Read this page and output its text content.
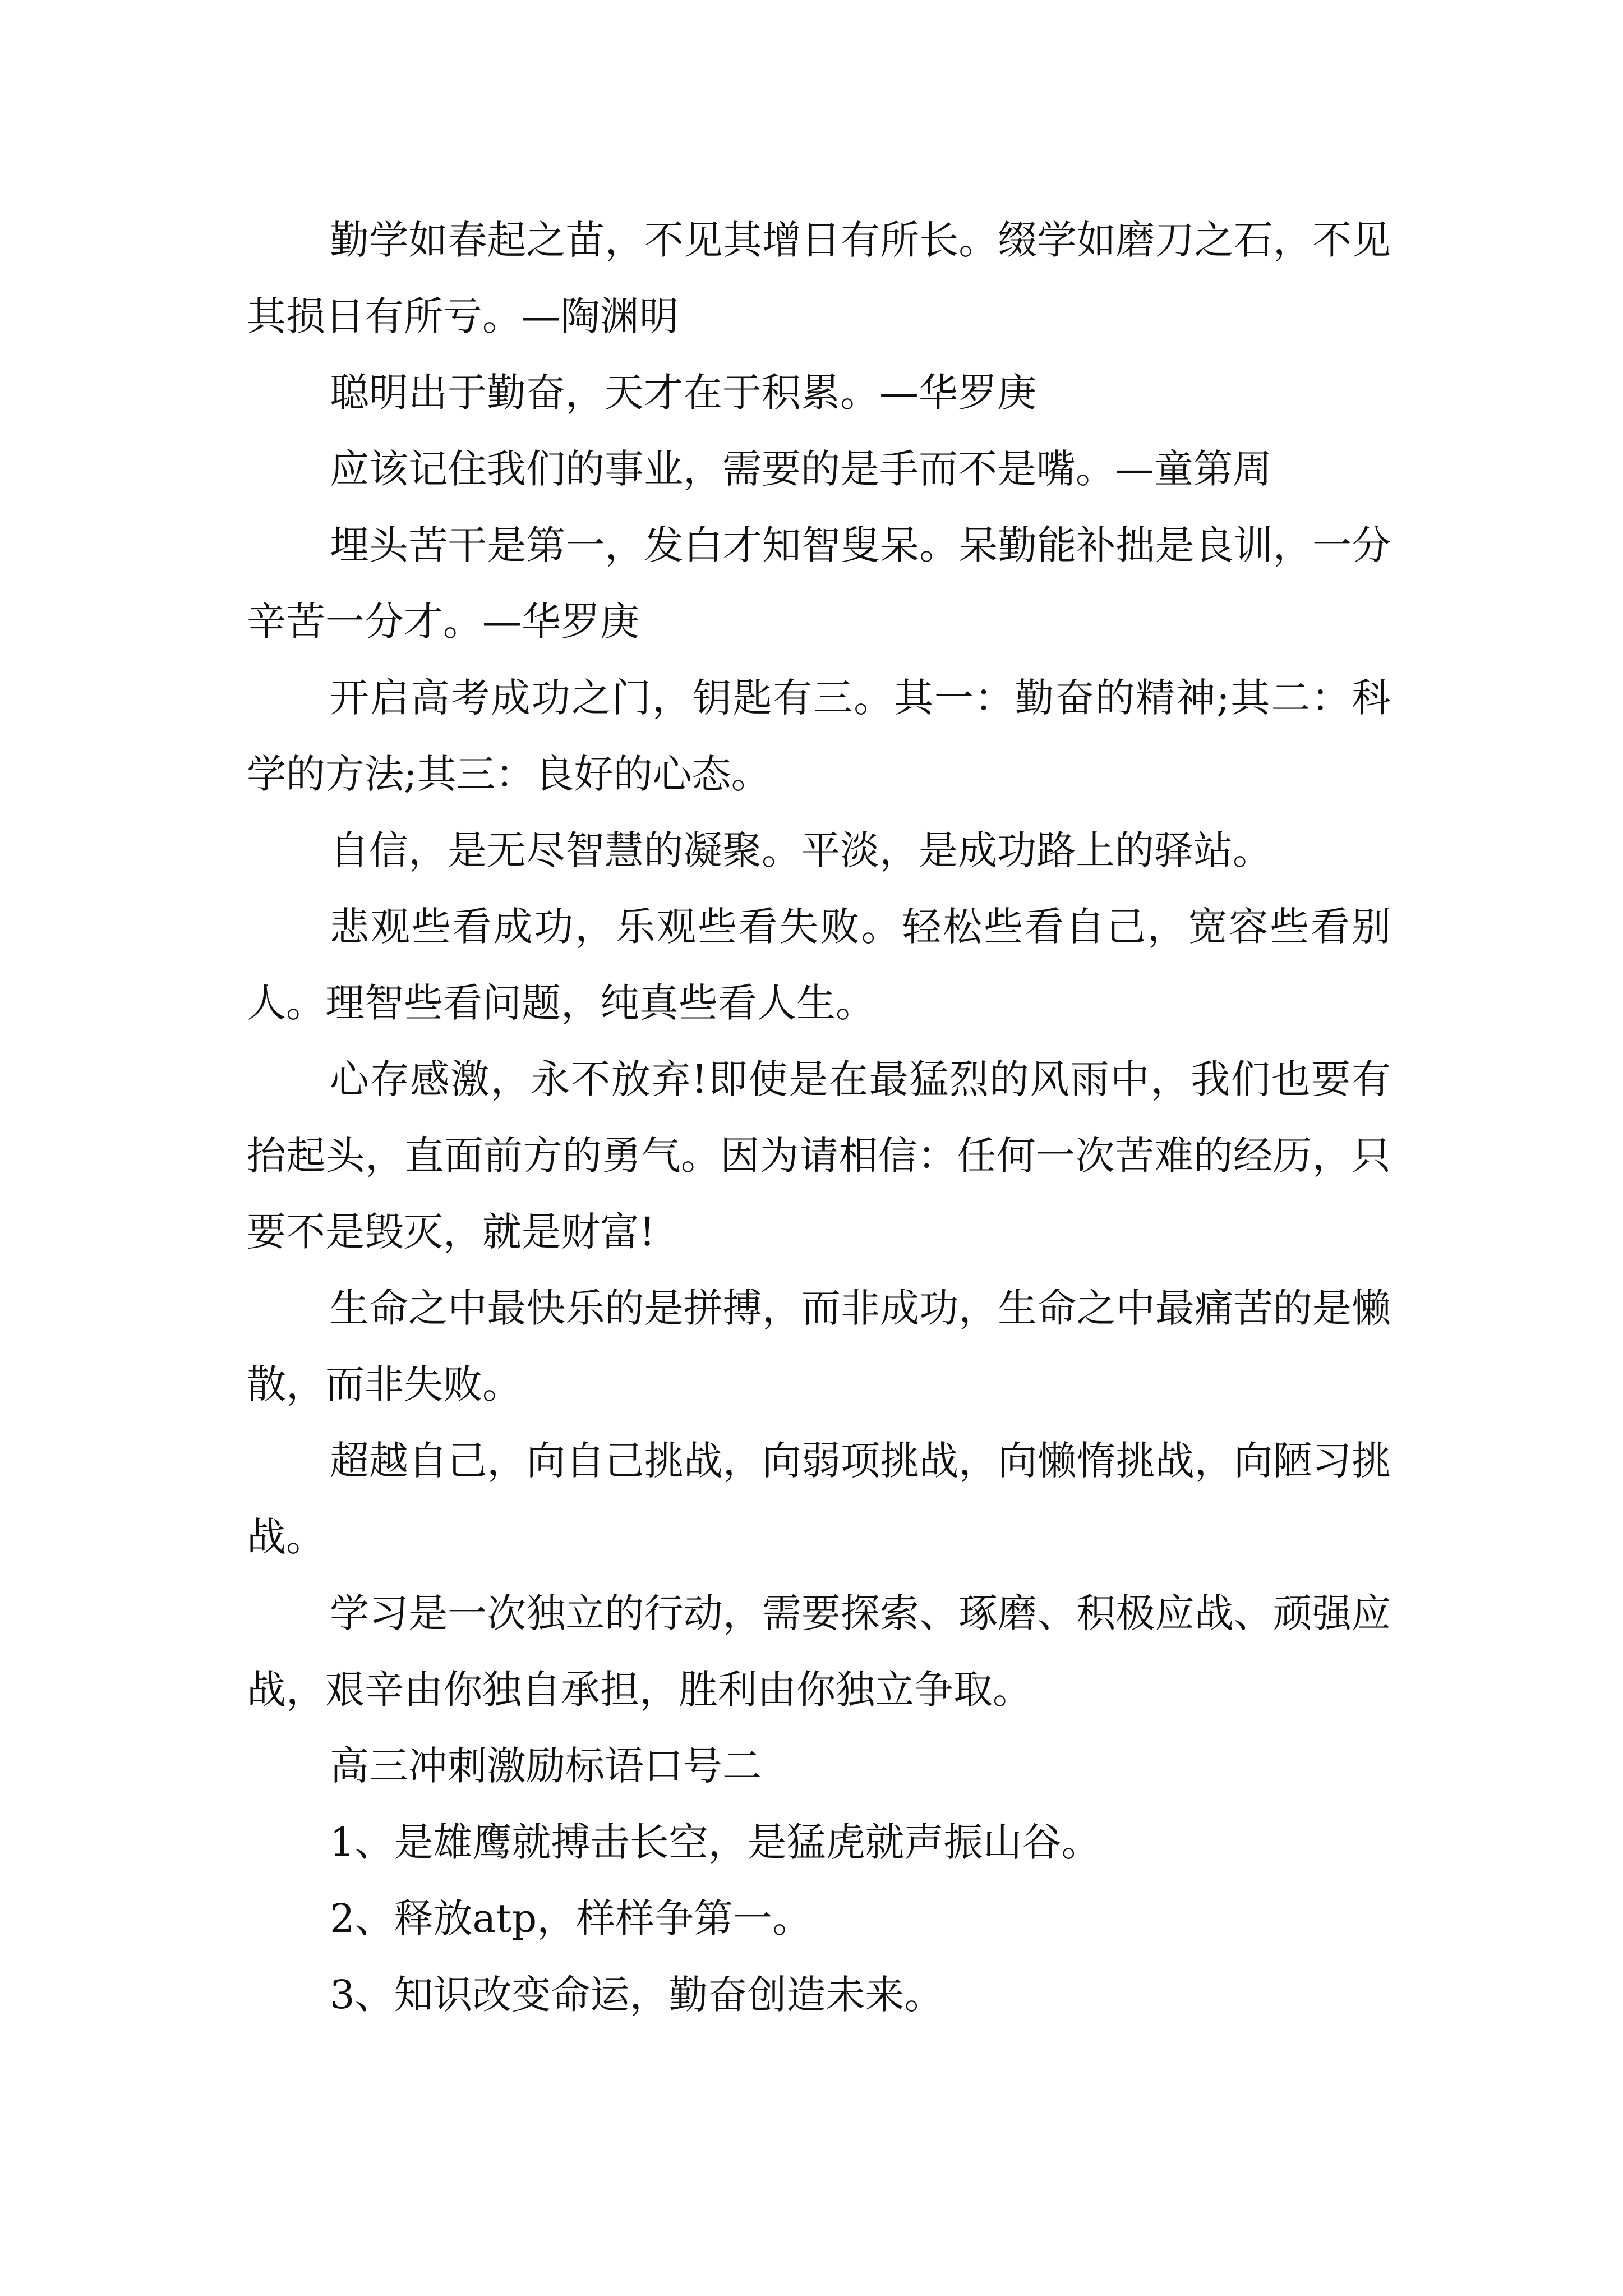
勤学如春起之苗，不见其增日有所长。缀学如磨刀之石，不见其损日有所亏。—陶渊明

聪明出于勤奋，天才在于积累。—华罗庚

应该记住我们的事业，需要的是手而不是嘴。—童第周

埋头苦干是第一，发白才知智叟呆。呆勤能补拙是良训，一分辛苦一分才。—华罗庚

开启高考成功之门，钥匙有三。其一：勤奋的精神;其二：科学的方法;其三：良好的心态。

自信，是无尽智慧的凝聚。平淡，是成功路上的驿站。

悲观些看成功，乐观些看失败。轻松些看自己，宽容些看别人。理智些看问题，纯真些看人生。

心存感激，永不放弃!即使是在最猛烈的风雨中，我们也要有抬起头，直面前方的勇气。因为请相信：任何一次苦难的经历，只要不是毁灭，就是财富!

生命之中最快乐的是拼搏，而非成功，生命之中最痛苦的是懒散，而非失败。

超越自己，向自己挑战，向弱项挑战，向懒惰挑战，向陋习挑战。

学习是一次独立的行动，需要探索、琢磨、积极应战、顽强应战，艰辛由你独自承担，胜利由你独立争取。

高三冲刺激励标语口号二

1、是雄鹰就搏击长空，是猛虎就声振山谷。

2、释放atp，样样争第一。

3、知识改变命运，勤奋创造未来。
